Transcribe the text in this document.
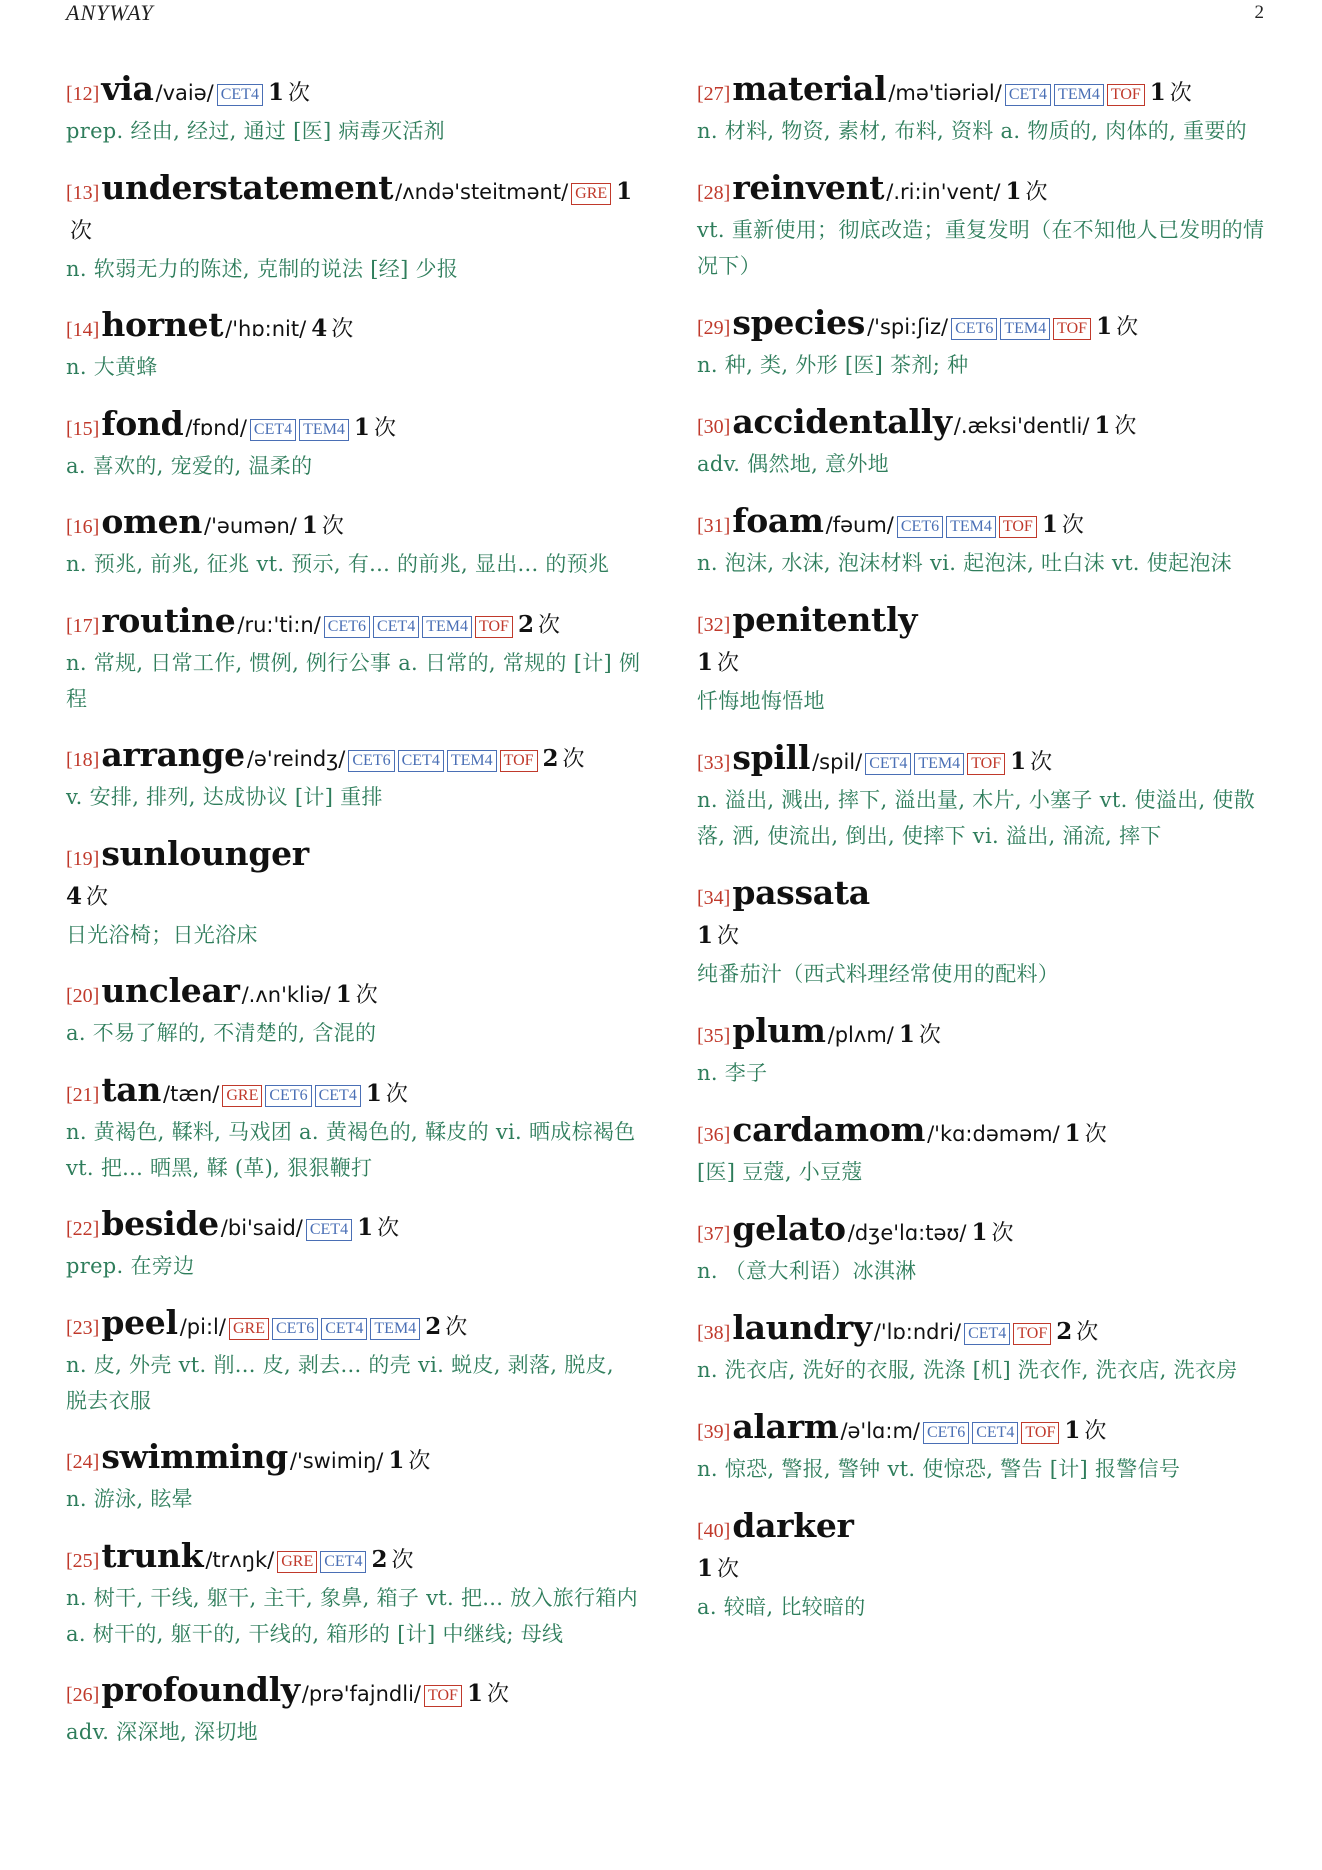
ANYWAY	2
[12]via/vaiə/ CET4 1 次
prep. 经由, 经过, 通过 [医] 病毒灭活剂
[13]understatement/ʌndə'steitmənt/ GRE 1次
n. 软弱无力的陈述, 克制的说法 [经] 少报
[14]hornet/'hɒ:nit/ 4 次
n. 大黄蜂
[15]fond/fɒnd/ CET4 TEM4 1 次
a. 喜欢的, 宠爱的, 温柔的
[16]omen/'əumən/ 1 次
n. 预兆, 前兆, 征兆 vt. 预示, 有... 的前兆, 显出... 的预兆
[17]routine/ru:'ti:n/ CET6 CET4 TEM4 TOF 2 次
n. 常规, 日常工作, 惯例, 例行公事 a. 日常的, 常规的 [计] 例程
[18]arrange/ə'reindʒ/ CET6 CET4 TEM4 TOF 2 次
v. 安排, 排列, 达成协议 [计] 重排
[19]sunlounger
4 次
日光浴椅；日光浴床
[20]unclear/.ʌn'kliə/ 1 次
a. 不易了解的, 不清楚的, 含混的
[21]tan/tæn/ GRE CET6 CET4 1 次
n. 黄褐色, 鞣料, 马戏团 a. 黄褐色的, 鞣皮的 vi. 晒成棕褐色 vt. 把... 晒黑, 鞣 (革), 狠狠鞭打
[22]beside/bi'said/ CET4 1 次
prep. 在旁边
[23]peel/pi:l/ GRE CET6 CET4 TEM4 2 次
n. 皮, 外壳 vt. 削... 皮, 剥去... 的壳 vi. 蜕皮, 剥落, 脱皮, 脱去衣服
[24]swimming/'swimiŋ/ 1 次
n. 游泳, 眩晕
[25]trunk/trʌŋk/ GRE CET4 2 次
n. 树干, 干线, 躯干, 主干, 象鼻, 箱子 vt. 把... 放入旅行箱内 a. 树干的, 躯干的, 干线的, 箱形的 [计] 中继线; 母线
[26]profoundly/prə'fajndli/ TOF 1 次
adv. 深深地, 深切地
[27]material/mə'tiəriəl/ CET4 TEM4 TOF 1 次
n. 材料, 物资, 素材, 布料, 资料 a. 物质的, 肉体的, 重要的
[28]reinvent/.ri:in'vent/ 1 次
vt. 重新使用；彻底改造；重复发明（在不知他人已发明的情况下）
[29]species/'spi:ʃiz/ CET6 TEM4 TOF 1 次
n. 种, 类, 外形 [医] 茶剂; 种
[30]accidentally/.æksi'dentli/ 1 次
adv. 偶然地, 意外地
[31]foam/fəum/ CET6 TEM4 TOF 1 次
n. 泡沫, 水沫, 泡沫材料 vi. 起泡沫, 吐白沫 vt. 使起泡沫
[32]penitently
1 次
忏悔地悔悟地
[33]spill/spil/ CET4 TEM4 TOF 1 次
n. 溢出, 溅出, 摔下, 溢出量, 木片, 小塞子 vt. 使溢出, 使散落, 洒, 使流出, 倒出, 使摔下 vi. 溢出, 涌流, 摔下
[34]passata
1 次
纯番茄汁（西式料理经常使用的配料）
[35]plum/plʌm/ 1 次
n. 李子
[36]cardamom/'kɑ:dəməm/ 1 次
[医] 豆蔻, 小豆蔻
[37]gelato/dʒe'lɑ:təʊ/ 1 次
n. （意大利语）冰淇淋
[38]laundry/'lɒ:ndri/ CET4 TOF 2 次
n. 洗衣店, 洗好的衣服, 洗涤 [机] 洗衣作, 洗衣店, 洗衣房
[39]alarm/ə'lɑ:m/ CET6 CET4 TOF 1 次
n. 惊恐, 警报, 警钟 vt. 使惊恐, 警告 [计] 报警信号
[40]darker
1 次
a. 较暗, 比较暗的
